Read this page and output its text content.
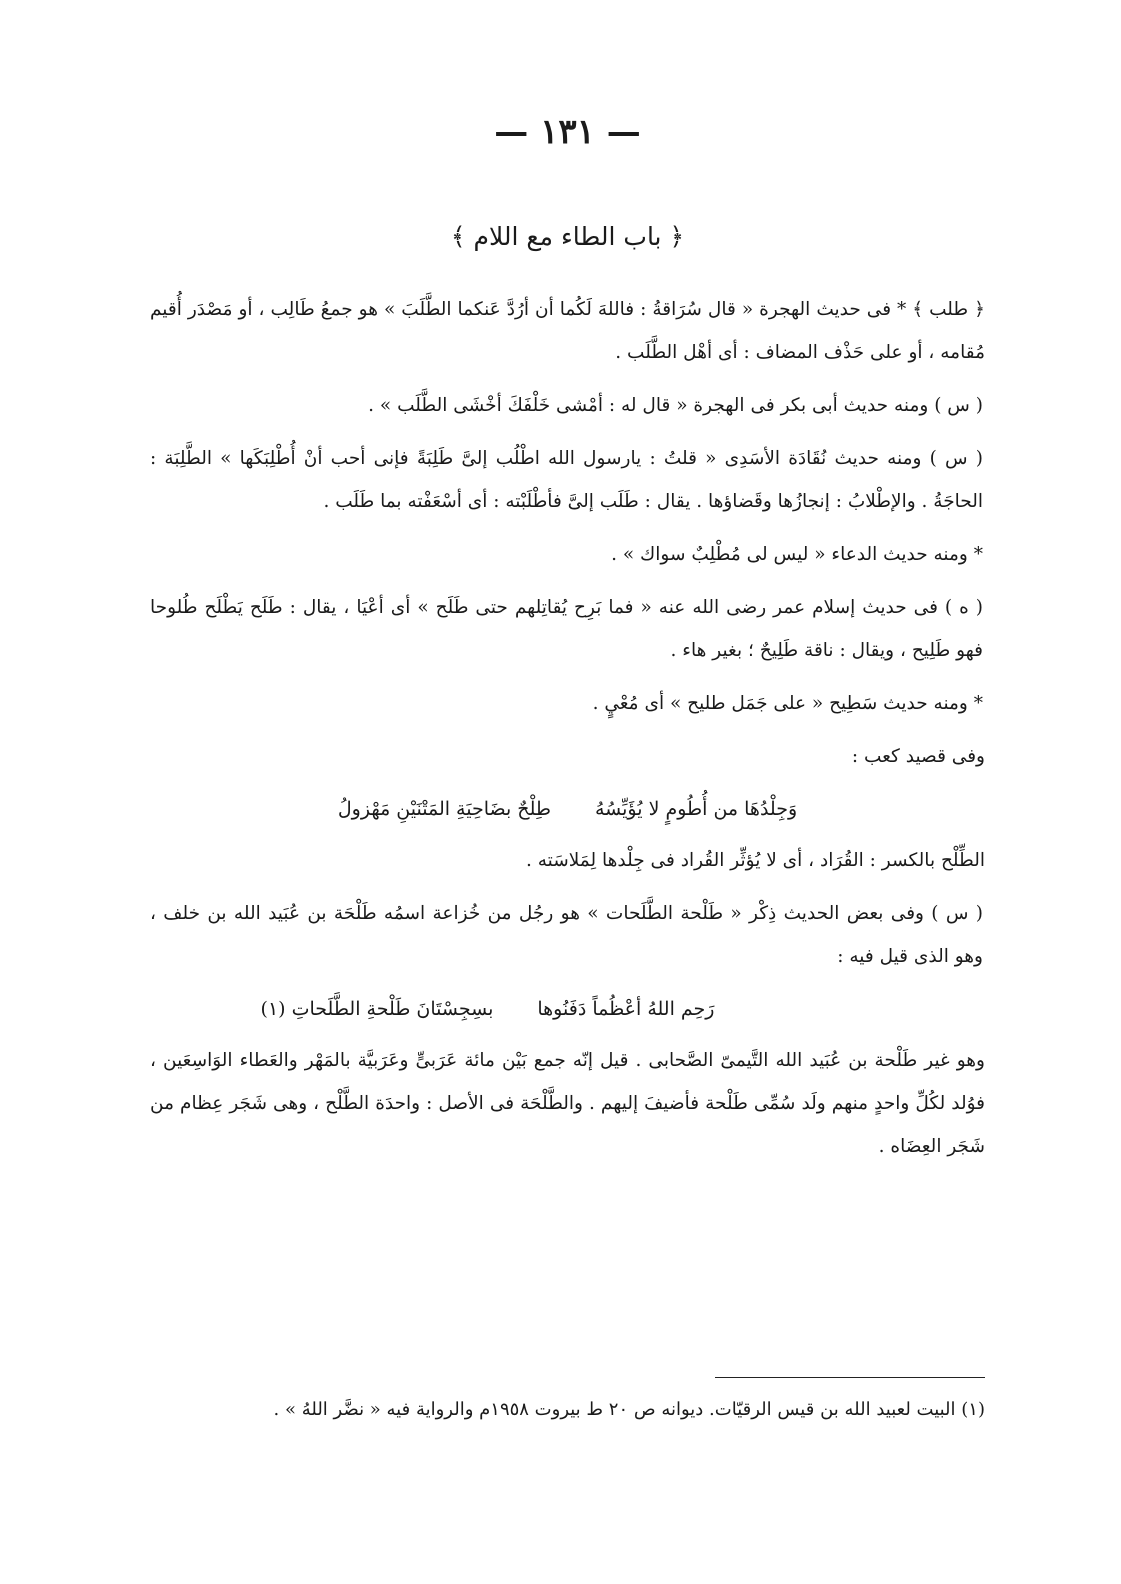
— ١٣١ —
﴿ باب الطاء مع اللام ﴾

﴿ طلب ﴾ * فى حديث الهجرة « قال سُرَاقةُ : فاللهَ لَكُما أن أرُدَّ عَنكما الطَّلَبَ » هو جمعُ طَالِب ، أو مَصْدَر أُقيم مُقامه ، أو على حَذْف المضاف : أى أهْل الطَّلَب .

( س ) ومنه حديث أبى بكر فى الهجرة « قال له : أمْشى خَلْفَكَ أخْشَى الطَّلَب » .

( س ) ومنه حديث نُقَادَة الأسَدِى « قلتُ : يارسول الله اطْلُب إلىَّ طَلِبَةً فإنى أحب أنْ أُطْلِبَكَها » الطَّلِبَة : الحاجَةُ . والإطْلابُ : إنجازُها وقَضاؤها . يقال : طَلَب إلىَّ فأطْلَبْته : أى أسْعَفْته بما طَلَب .

* ومنه حديث الدعاء « ليس لى مُطْلِبٌ سواك » .

( ه ) فى حديث إسلام عمر رضى الله عنه « فما بَرِح يُقاتِلهم حتى طَلَح » أى أعْيَا ، يقال : طَلَح يَطْلَح طُلوحا فهو طَلِيح ، ويقال : ناقة طَلِيحٌ ؛ بغير هاء .

* ومنه حديث سَطِيح « على جَمَل طليح » أى مُعْيٍ .

وفى قصيد كعب :

وَجِلْدُهَا من أُطُومٍ لا يُؤَيِّسُهُ
طِلْحٌ بضَاحِيَةِ المَتْنَيْنِ مَهْزولُ

الطِّلْح بالكسر : القُرَاد ، أى لا يُؤثِّر القُراد فى جِلْدها لِمَلاسَته .

( س ) وفى بعض الحديث ذِكْر « طَلْحة الطَّلَحات » هو رجُل من خُزاعة اسمُه طَلْحَة بن عُبَيد الله بن خلف ، وهو الذى قيل فيه :

رَحِم اللهُ أعْظُماً دَفَنُوها
بسِجِسْتَانَ طَلْحةِ الطَّلَحاتِ (١)

وهو غير طَلْحة بن عُبَيد الله التَّيمىّ الصَّحابى . قيل إنّه جمع بَيْن مائة عَرَبىٍّ وعَرَبيَّة بالمَهْر والعَطاء الوَاسِعَين ، فوُلد لكُلِّ واحدٍ منهم ولَد سُمِّى طَلْحة فأضيفَ إليهم . والطَّلْحَة فى الأصل : واحدَة الطَّلْح ، وهى شَجَر عِظام من شَجَر العِضَاه .

(١) البيت لعبيد الله بن قيس الرقيّات. ديوانه ص ٢٠ ط بيروت ١٩٥٨م والرواية فيه « نضَّر اللهُ » .
